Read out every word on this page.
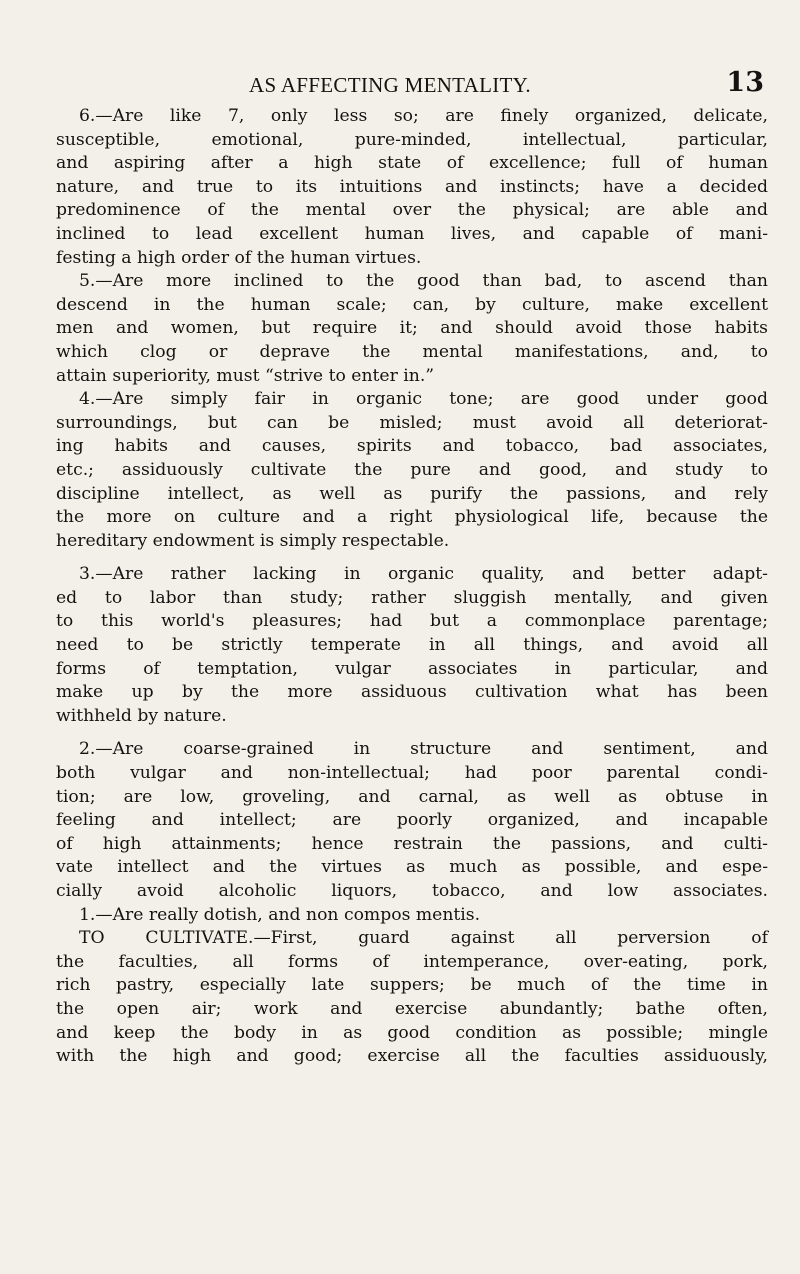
AS AFFECTING MENTALITY.	13
6.—Are like 7, only less so; are finely organized, delicate,
susceptible, emotional, pure-minded, intellectual, particular,
and aspiring after a high state of excellence; full of human
nature, and true to its intuitions and instincts; have a decided
predominence of the mental over the physical; are able and
inclined to lead excellent human lives, and capable of mani-
festing a high order of the human virtues.
5.—Are more inclined to the good than bad, to ascend than
descend in the human scale; can, by culture, make excellent
men and women, but require it; and should avoid those habits
which clog or deprave the mental manifestations, and, to
attain superiority, must “strive to enter in.”
4.—Are simply fair in organic tone; are good under good
surroundings, but can be misled; must avoid all deteriorat-
ing habits and causes, spirits and tobacco, bad associates,
etc.; assiduously cultivate the pure and good, and study to
discipline intellect, as well as purify the passions, and rely
the more on culture and a right physiological life, because the
hereditary endowment is simply respectable.
3.—Are rather lacking in organic quality, and better adapt-
ed to labor than study; rather sluggish mentally, and given
to this world's pleasures; had but a commonplace parentage;
need to be strictly temperate in all things, and avoid all
forms of temptation, vulgar associates in particular, and
make up by the more assiduous cultivation what has been
withheld by nature.
2.—Are coarse-grained in structure and sentiment, and
both vulgar and non-intellectual; had poor parental condi-
tion; are low, groveling, and carnal, as well as obtuse in
feeling and intellect; are poorly organized, and incapable
of high attainments; hence restrain the passions, and culti-
vate intellect and the virtues as much as possible, and espe-
cially avoid alcoholic liquors, tobacco, and low associates.
1.—Are really dotish, and non compos mentis.
TO CULTIVATE.—First, guard against all perversion of
the faculties, all forms of intemperance, over-eating, pork,
rich pastry, especially late suppers; be much of the time in
the open air; work and exercise abundantly; bathe often,
and keep the body in as good condition as possible; mingle
with the high and good; exercise all the faculties assiduously,
